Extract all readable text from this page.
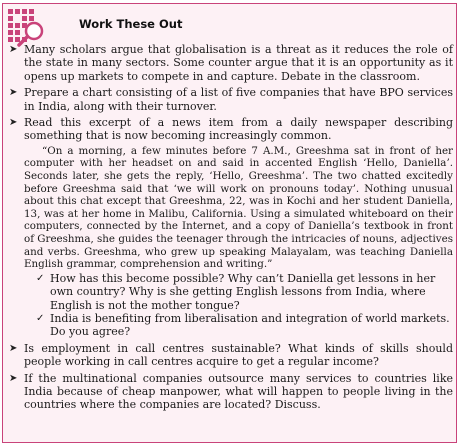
Work These Out
➤ Many scholars argue that globalisation is a threat as it reduces the role of the state in many sectors. Some counter argue that it is an opportunity as it opens up markets to compete in and capture. Debate in the classroom.
➤ Prepare a chart consisting of a list of five companies that have BPO services in India, along with their turnover.
➤ Read this excerpt of a news item from a daily newspaper describing something that is now becoming increasingly common.
“On a morning, a few minutes before 7 A.M., Greeshma sat in front of her computer with her headset on and said in accented English ‘Hello, Daniella’. Seconds later, she gets the reply, ‘Hello, Greeshma’. The two chatted excitedly before Greeshma said that ‘we will work on pronouns today’. Nothing unusual about this chat except that Greeshma, 22, was in Kochi and her student Daniella, 13, was at her home in Malibu, California. Using a simulated whiteboard on their computers, connected by the Internet, and a copy of Daniella’s textbook in front of Greeshma, she guides the teenager through the intricacies of nouns, adjectives and verbs. Greeshma, who grew up speaking Malayalam, was teaching Daniella English grammar, comprehension and writing.”
✓ How has this become possible? Why can’t Daniella get lessons in her own country? Why is she getting English lessons from India, where English is not the mother tongue?
✓ India is benefiting from liberalisation and integration of world markets. Do you agree?
➤ Is employment in call centres sustainable? What kinds of skills should people working in call centres acquire to get a regular income?
➤ If the multinational companies outsource many services to countries like India because of cheap manpower, what will happen to people living in the countries where the companies are located? Discuss.
